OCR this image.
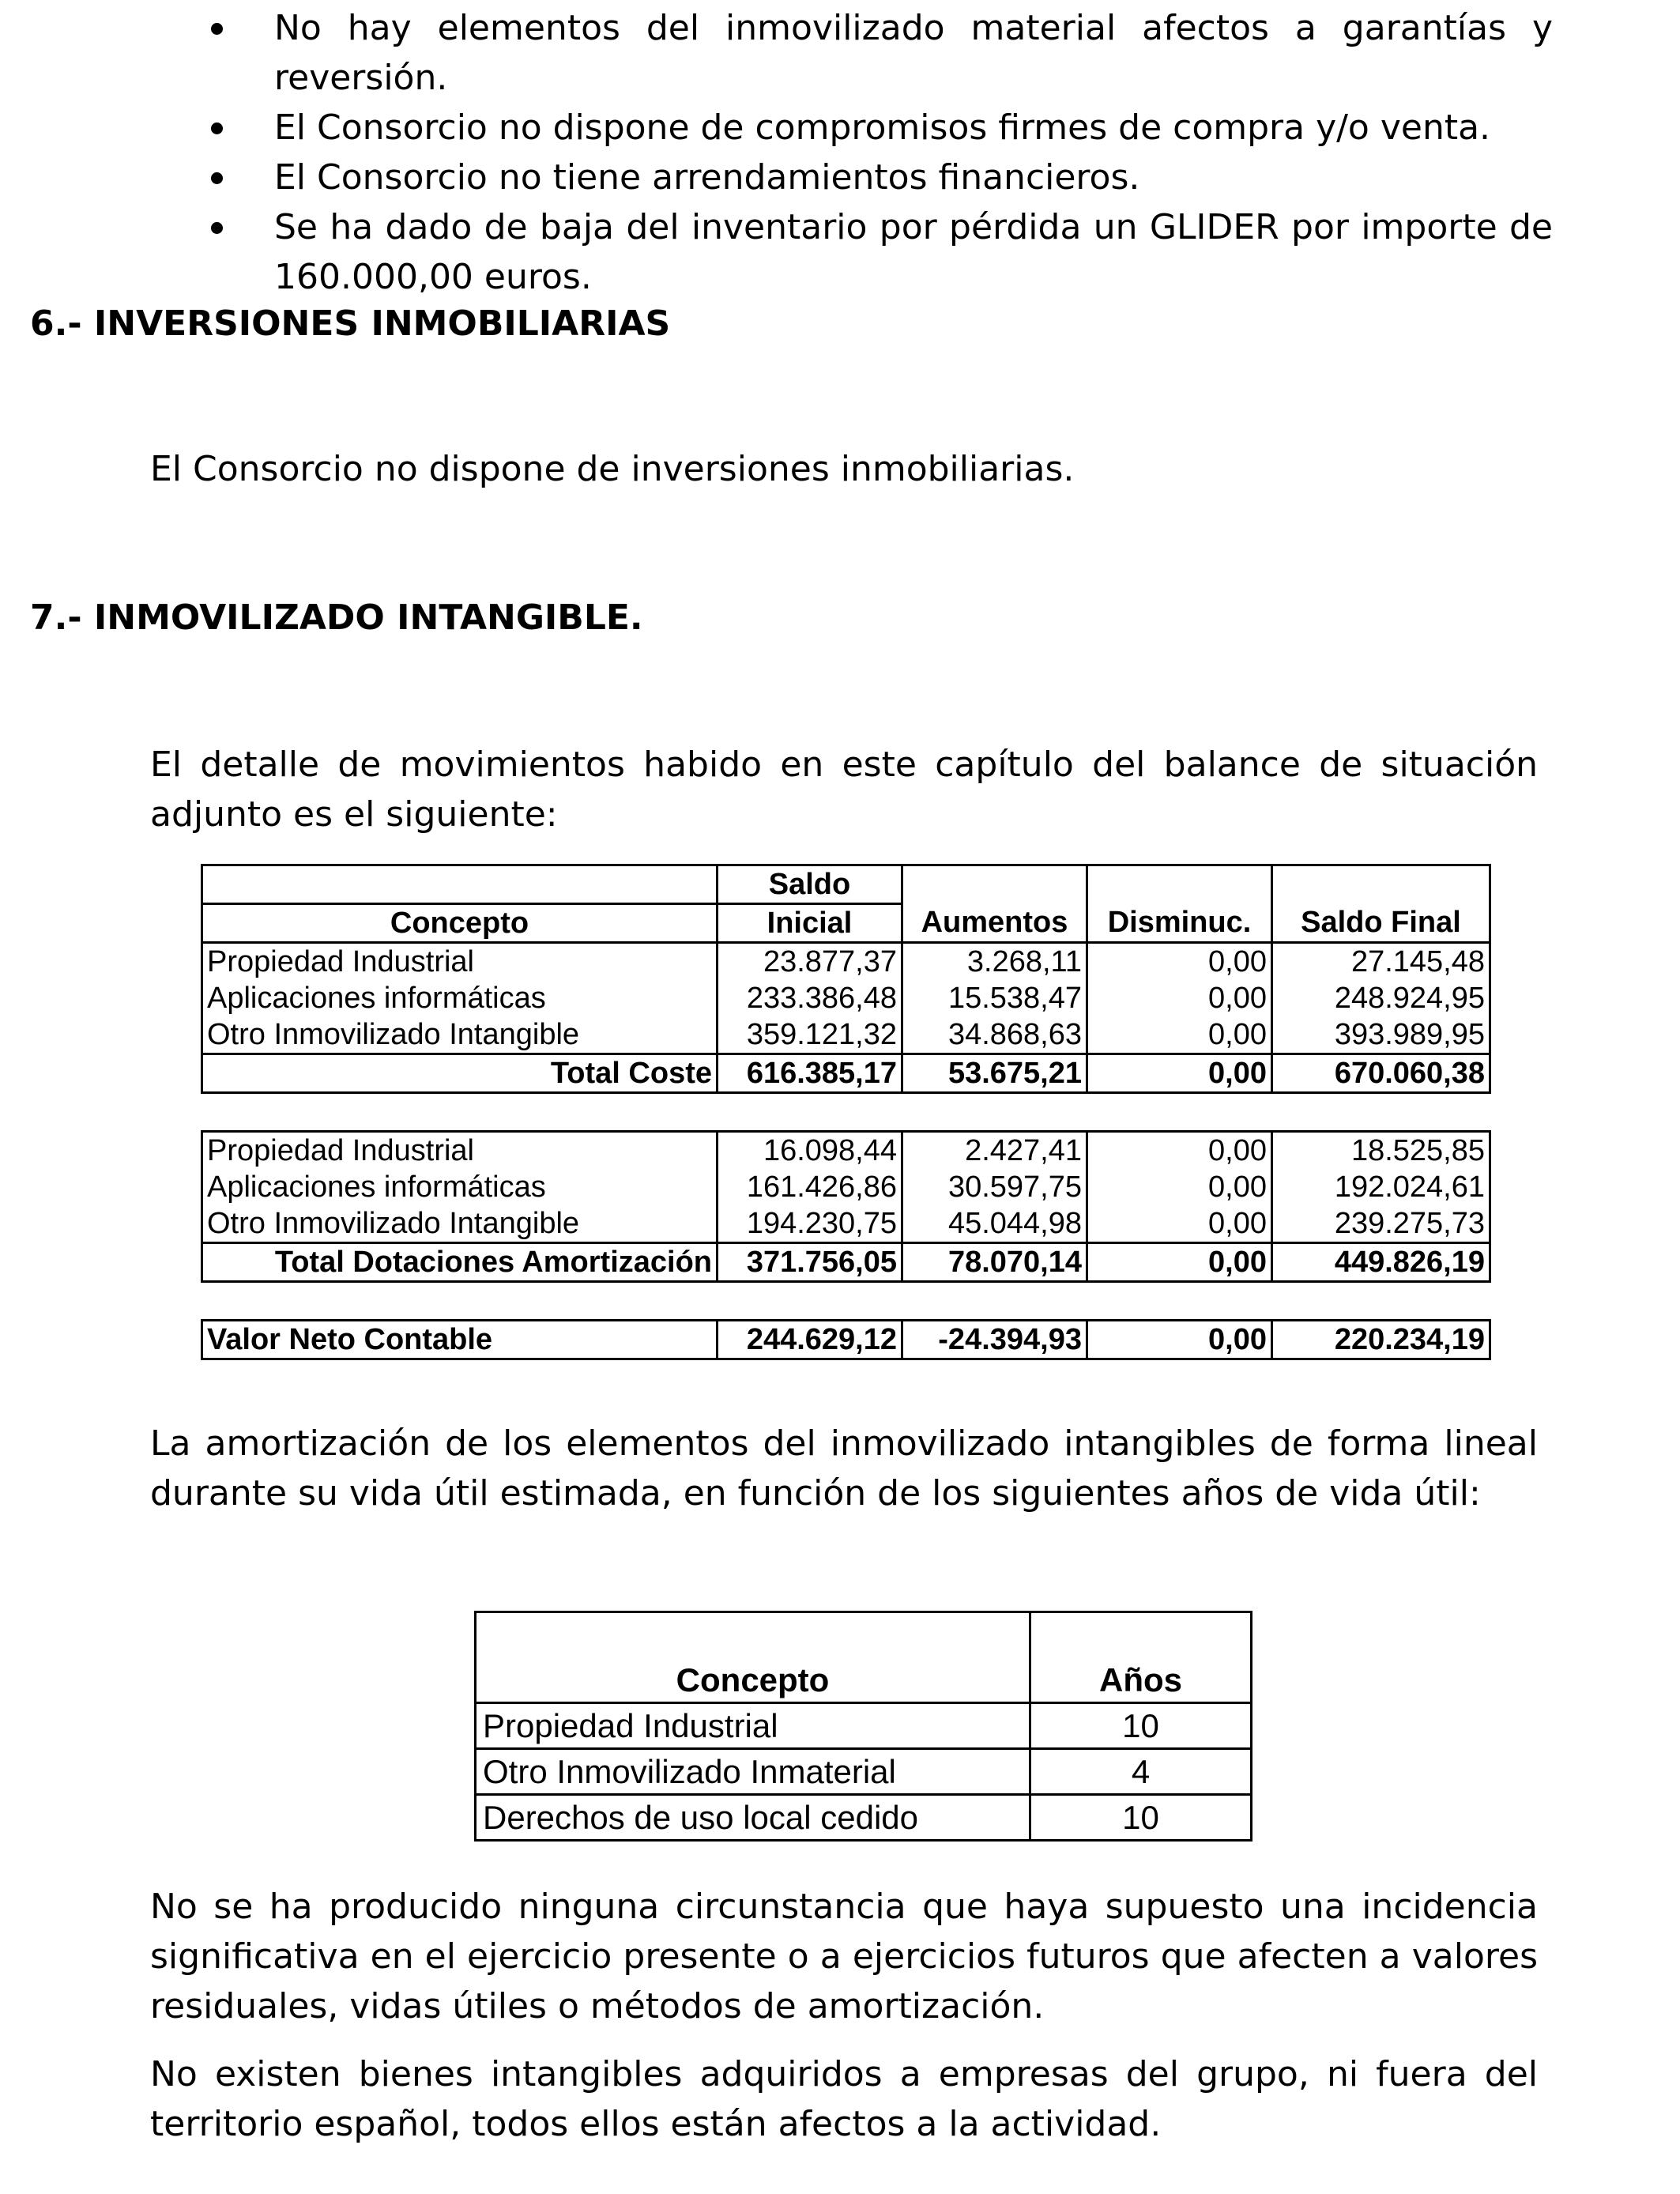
No hay elementos del inmovilizado material afectos a garantías y reversión.
El Consorcio no dispone de compromisos firmes de compra y/o venta.
El Consorcio no tiene arrendamientos financieros.
Se ha dado de baja del inventario por pérdida un GLIDER por importe de 160.000,00 euros.
6.- INVERSIONES INMOBILIARIAS
El Consorcio no dispone de inversiones inmobiliarias.
7.- INMOVILIZADO INTANGIBLE.
El detalle de movimientos habido en este capítulo del balance de situación adjunto es el siguiente:
	Saldo			
Concepto	Inicial	Aumentos	Disminuc.	Saldo Final
Propiedad Industrial	23.877,37	3.268,11	0,00	27.145,48
Aplicaciones informáticas	233.386,48	15.538,47	0,00	248.924,95
Otro Inmovilizado Intangible	359.121,32	34.868,63	0,00	393.989,95
Total Coste	616.385,17	53.675,21	0,00	670.060,38

Propiedad Industrial	16.098,44	2.427,41	0,00	18.525,85
Aplicaciones informáticas	161.426,86	30.597,75	0,00	192.024,61
Otro Inmovilizado Intangible	194.230,75	45.044,98	0,00	239.275,73
Total Dotaciones Amortización	371.756,05	78.070,14	0,00	449.826,19

Valor Neto Contable	244.629,12	-24.394,93	0,00	220.234,19
La amortización de los elementos del inmovilizado intangibles de forma lineal durante su vida útil estimada, en función de los siguientes años de vida útil:
Concepto	Años
Propiedad Industrial	10
Otro Inmovilizado Inmaterial	4
Derechos de uso local cedido	10
No se ha producido ninguna circunstancia que haya supuesto una incidencia significativa en el ejercicio presente o a ejercicios futuros que afecten a valores residuales, vidas útiles o métodos de amortización.
No existen bienes intangibles adquiridos a empresas del grupo, ni fuera del territorio español, todos ellos están afectos a la actividad.
